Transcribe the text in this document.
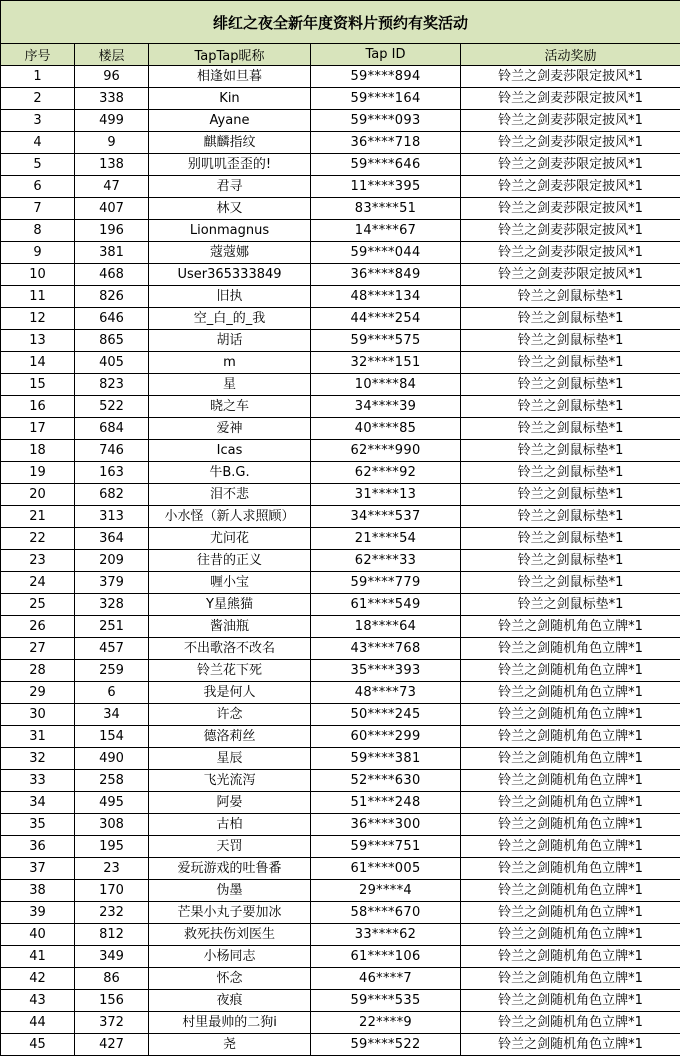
绯红之夜全新年度资料片预约有奖活动				
序号	楼层	TapTap昵称	Tap ID	活动奖励
1	96	相逢如旦暮	59****894	铃兰之剑麦莎限定披风*1
2	338	Kin	59****164	铃兰之剑麦莎限定披风*1
3	499	Ayane	59****093	铃兰之剑麦莎限定披风*1
4	9	麒麟指纹	36****718	铃兰之剑麦莎限定披风*1
5	138	别叽叽歪歪的!	59****646	铃兰之剑麦莎限定披风*1
6	47	君寻	11****395	铃兰之剑麦莎限定披风*1
7	407	林又	83****51	铃兰之剑麦莎限定披风*1
8	196	Lionmagnus	14****67	铃兰之剑麦莎限定披风*1
9	381	蔻蔻娜	59****044	铃兰之剑麦莎限定披风*1
10	468	User365333849	36****849	铃兰之剑麦莎限定披风*1
11	826	旧执	48****134	铃兰之剑鼠标垫*1
12	646	空_白_的_我	44****254	铃兰之剑鼠标垫*1
13	865	胡话	59****575	铃兰之剑鼠标垫*1
14	405	m	32****151	铃兰之剑鼠标垫*1
15	823	星	10****84	铃兰之剑鼠标垫*1
16	522	晓之车	34****39	铃兰之剑鼠标垫*1
17	684	爱神	40****85	铃兰之剑鼠标垫*1
18	746	Icas	62****990	铃兰之剑鼠标垫*1
19	163	牛B.G.	62****92	铃兰之剑鼠标垫*1
20	682	泪不悲	31****13	铃兰之剑鼠标垫*1
21	313	小水怪（新人求照顾）	34****537	铃兰之剑鼠标垫*1
22	364	尤问花	21****54	铃兰之剑鼠标垫*1
23	209	往昔的正义	62****33	铃兰之剑鼠标垫*1
24	379	喱小宝	59****779	铃兰之剑鼠标垫*1
25	328	Y星熊猫	61****549	铃兰之剑鼠标垫*1
26	251	酱油瓶	18****64	铃兰之剑随机角色立牌*1
27	457	不出歌洛不改名	43****768	铃兰之剑随机角色立牌*1
28	259	铃兰花下死	35****393	铃兰之剑随机角色立牌*1
29	6	我是何人	48****73	铃兰之剑随机角色立牌*1
30	34	许念	50****245	铃兰之剑随机角色立牌*1
31	154	德洛莉丝	60****299	铃兰之剑随机角色立牌*1
32	490	星辰	59****381	铃兰之剑随机角色立牌*1
33	258	飞光流泻	52****630	铃兰之剑随机角色立牌*1
34	495	阿晏	51****248	铃兰之剑随机角色立牌*1
35	308	古柏	36****300	铃兰之剑随机角色立牌*1
36	195	天罚	59****751	铃兰之剑随机角色立牌*1
37	23	爱玩游戏的吐鲁番	61****005	铃兰之剑随机角色立牌*1
38	170	伪墨	29****4	铃兰之剑随机角色立牌*1
39	232	芒果小丸子要加冰	58****670	铃兰之剑随机角色立牌*1
40	812	救死扶伤刘医生	33****62	铃兰之剑随机角色立牌*1
41	349	小杨同志	61****106	铃兰之剑随机角色立牌*1
42	86	怀念	46****7	铃兰之剑随机角色立牌*1
43	156	夜痕	59****535	铃兰之剑随机角色立牌*1
44	372	村里最帅的二狗i	22****9	铃兰之剑随机角色立牌*1
45	427	尧	59****522	铃兰之剑随机角色立牌*1
